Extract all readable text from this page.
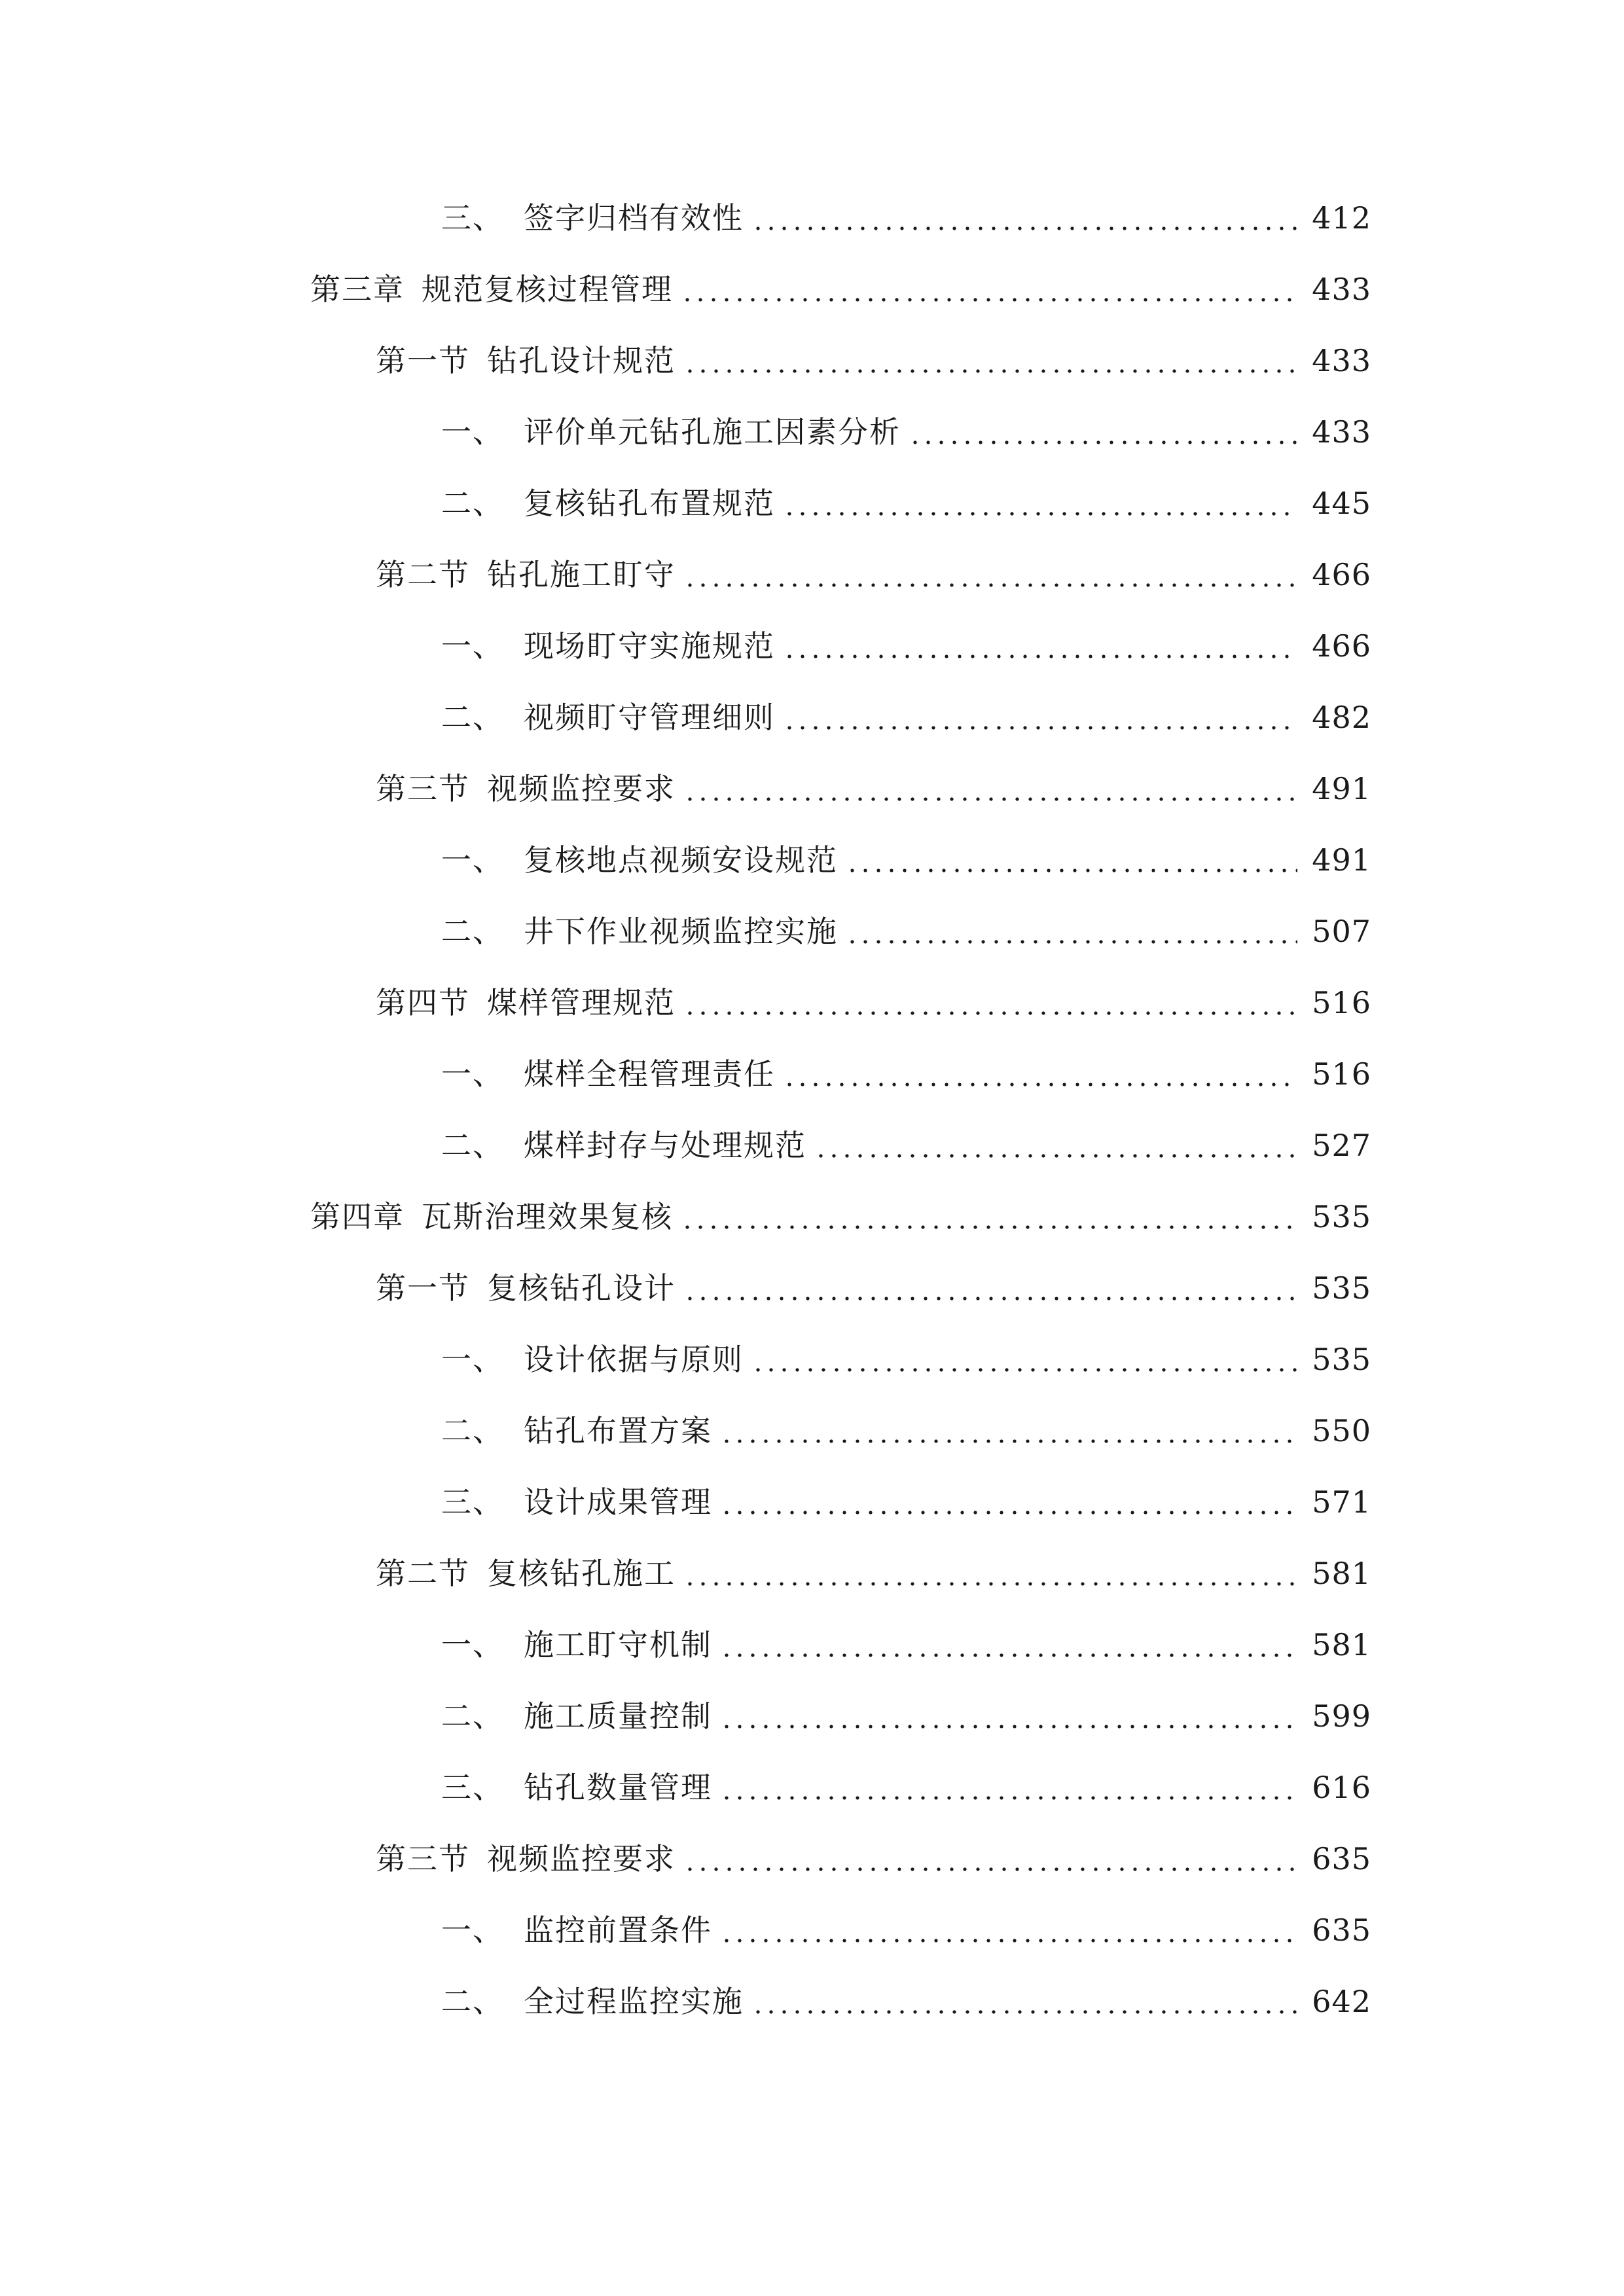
三、 签字归档有效性	412
第三章 规范复核过程管理	433
第一节 钻孔设计规范	433
一、 评价单元钻孔施工因素分析	433
二、 复核钻孔布置规范	445
第二节 钻孔施工盯守	466
一、 现场盯守实施规范	466
二、 视频盯守管理细则	482
第三节 视频监控要求	491
一、 复核地点视频安设规范	491
二、 井下作业视频监控实施	507
第四节 煤样管理规范	516
一、 煤样全程管理责任	516
二、 煤样封存与处理规范	527
第四章 瓦斯治理效果复核	535
第一节 复核钻孔设计	535
一、 设计依据与原则	535
二、 钻孔布置方案	550
三、 设计成果管理	571
第二节 复核钻孔施工	581
一、 施工盯守机制	581
二、 施工质量控制	599
三、 钻孔数量管理	616
第三节 视频监控要求	635
一、 监控前置条件	635
二、 全过程监控实施	642
